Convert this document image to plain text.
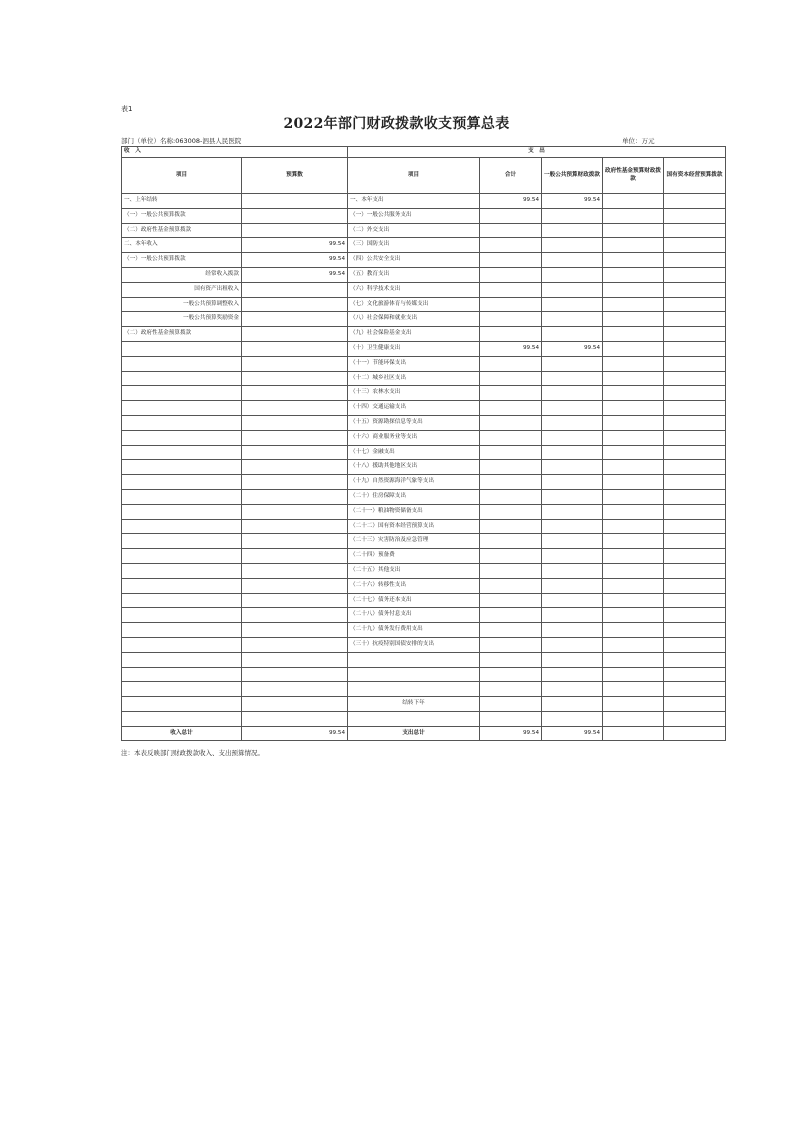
表1
2022年部门财政拨款收支预算总表
部门（单位）名称:063008-泗县人民医院	单位：万元
收　入		支　出				
项目	预算数	项目	合计	一般公共预算财政拨款	政府性基金预算财政拨款	国有资本经营预算拨款
一、上年结转		一、本年支出	99.54	99.54		
（一）一般公共预算拨款		（一）一般公共服务支出				
（二）政府性基金预算拨款		（二）外交支出				
二、本年收入	99.54	（三）国防支出				
（一）一般公共预算拨款	99.54	（四）公共安全支出				
经常收入拨款	99.54	（五）教育支出				
国有资产出租收入		（六）科学技术支出				
一般公共预算调整收入		（七）文化旅游体育与传媒支出				
一般公共预算奖励资金		（八）社会保障和就业支出				
（二）政府性基金预算拨款		（九）社会保险基金支出				
		（十）卫生健康支出	99.54	99.54		
		（十一）节能环保支出				
		（十二）城乡社区支出				
		（十三）农林水支出				
		（十四）交通运输支出				
		（十五）资源勘探信息等支出				
		（十六）商业服务业等支出				
		（十七）金融支出				
		（十八）援助其他地区支出				
		（十九）自然资源海洋气象等支出				
		（二十）住房保障支出				
		（二十一）粮油物资储备支出				
		（二十二）国有资本经营预算支出				
		（二十三）灾害防治及应急管理				
		（二十四）预备费				
		（二十五）其他支出				
		（二十六）转移性支出				
		（二十七）债务还本支出				
		（二十八）债务付息支出				
		（二十九）债务发行费用支出				
		（三十）抗疫特别国债安排的支出				

		结转下年				

收入总计	99.54	支出总计	99.54	99.54		
注：本表反映部门财政拨款收入、支出预算情况。
